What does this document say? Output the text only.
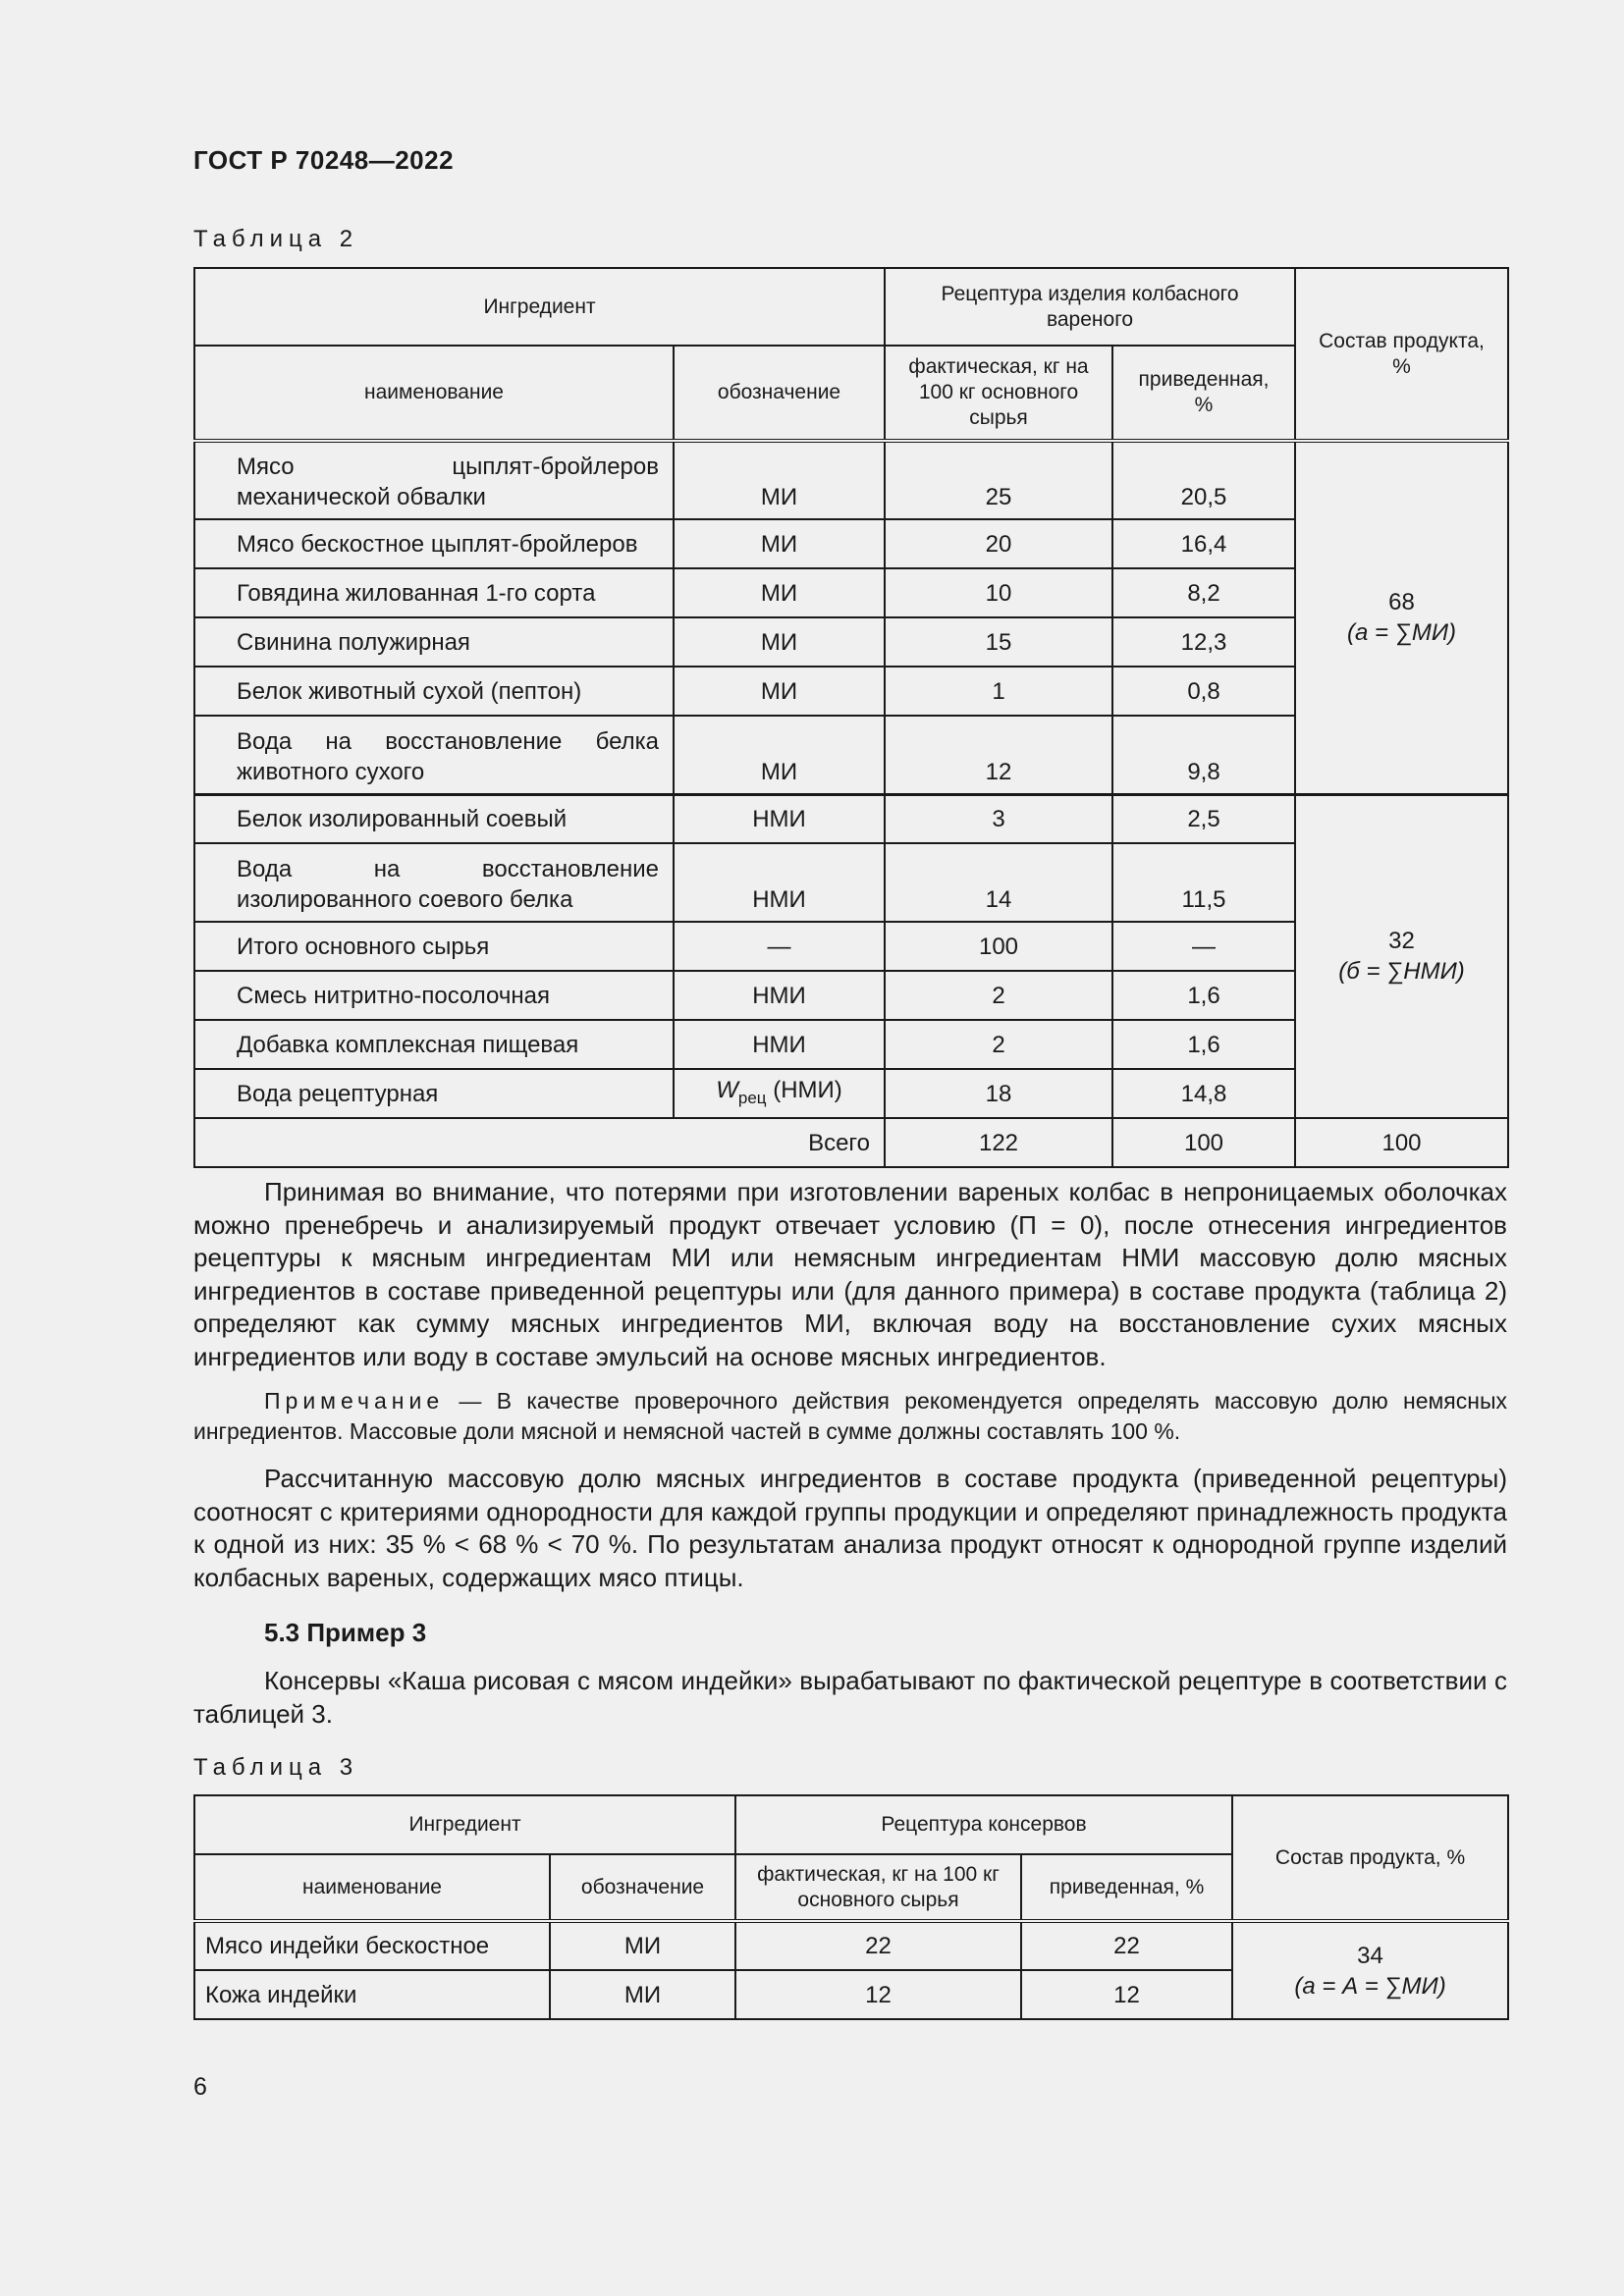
ГОСТ Р 70248—2022
Таблица 2
Ингредиент		Рецептура изделия колбасного вареного		Состав продукта, %
наименование	обозначение	фактическая, кг на 100 кг основного сырья	приведенная, %	

Мясо цыплят-бройлеров механической обвалки	МИ	25	20,5	68
(а = ∑МИ)

Мясо бескостное цыплят-бройлеров	МИ	20	16,4	
Говядина жилованная 1-го сорта	МИ	10	8,2	
Свинина полужирная	МИ	15	12,3	
Белок животный сухой (пептон)	МИ	1	0,8	

Вода на восстановление белка животного сухого	МИ	12	9,8	
Белок изолированный соевый	НМИ	3	2,5	32
(б = ∑НМИ)

Вода на восстановление изолированного соевого белка	НМИ	14	11,5	
Итого основного сырья	—	100	—	
Смесь нитритно-посолочная	НМИ	2	1,6	
Добавка комплексная пищевая	НМИ	2	1,6	
Вода рецептурная	$W_{рец}$ (НМИ)	18	14,8	
Всего		122	100	100
Принимая во внимание, что потерями при изготовлении вареных колбас в непроницаемых оболочках можно пренебречь и анализируемый продукт отвечает условию (П = 0), после отнесения ингредиентов рецептуры к мясным ингредиентам МИ или немясным ингредиентам НМИ массовую долю мясных ингредиентов в составе приведенной рецептуры или (для данного примера) в составе продукта (таблица 2) определяют как сумму мясных ингредиентов МИ, включая воду на восстановление сухих мясных ингредиентов или воду в составе эмульсий на основе мясных ингредиентов.
Примечание — В качестве проверочного действия рекомендуется определять массовую долю немясных ингредиентов. Массовые доли мясной и немясной частей в сумме должны составлять 100 %.
Рассчитанную массовую долю мясных ингредиентов в составе продукта (приведенной рецептуры) соотносят с критериями однородности для каждой группы продукции и определяют принадлежность продукта к одной из них: 35 % < 68 % < 70 %. По результатам анализа продукт относят к однородной группе изделий колбасных вареных, содержащих мясо птицы.
5.3 Пример 3
Консервы «Каша рисовая с мясом индейки» вырабатывают по фактической рецептуре в соответствии с таблицей 3.
Таблица 3
Ингредиент		Рецептура консервов		Состав продукта, %
наименование	обозначение	фактическая, кг на 100 кг основного сырья	приведенная, %	
Мясо индейки бескостное	МИ	22	22	34
(а = А = ∑МИ)

Кожа индейки	МИ	12	12	
6
